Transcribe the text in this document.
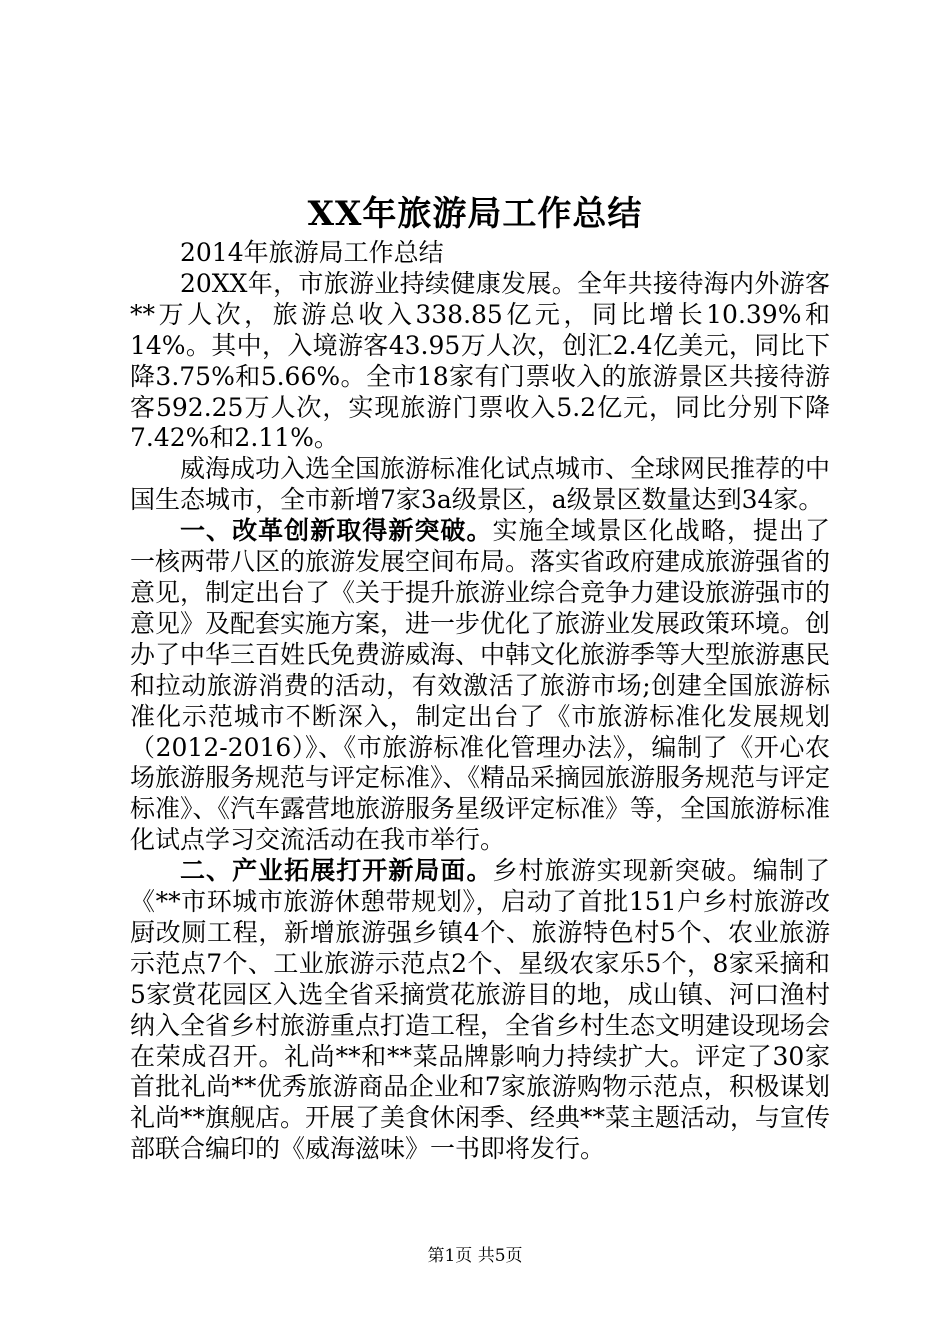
XX年旅游局工作总结

2014年旅游局工作总结

20XX年，市旅游业持续健康发展。全年共接待海内外游客**万人次，旅游总收入338.85亿元，同比增长10.39%和14%。其中，入境游客43.95万人次，创汇2.4亿美元，同比下降3.75%和5.66%。全市18家有门票收入的旅游景区共接待游客592.25万人次，实现旅游门票收入5.2亿元，同比分别下降7.42%和2.11%。

威海成功入选全国旅游标准化试点城市、全球网民推荐的中国生态城市，全市新增7家3a级景区，a级景区数量达到34家。

一、改革创新取得新突破。实施全域景区化战略，提出了一核两带八区的旅游发展空间布局。落实省政府建成旅游强省的意见，制定出台了《关于提升旅游业综合竞争力建设旅游强市的意见》及配套实施方案，进一步优化了旅游业发展政策环境。创办了中华三百姓氏免费游威海、中韩文化旅游季等大型旅游惠民和拉动旅游消费的活动，有效激活了旅游市场;创建全国旅游标准化示范城市不断深入，制定出台了《市旅游标准化发展规划（2012-2016）》、《市旅游标准化管理办法》，编制了《开心农场旅游服务规范与评定标准》、《精品采摘园旅游服务规范与评定标准》、《汽车露营地旅游服务星级评定标准》等，全国旅游标准化试点学习交流活动在我市举行。

二、产业拓展打开新局面。乡村旅游实现新突破。编制了《**市环城市旅游休憩带规划》，启动了首批151户乡村旅游改厨改厕工程，新增旅游强乡镇4个、旅游特色村5个、农业旅游示范点7个、工业旅游示范点2个、星级农家乐5个，8家采摘和5家赏花园区入选全省采摘赏花旅游目的地，成山镇、河口渔村纳入全省乡村旅游重点打造工程，全省乡村生态文明建设现场会在荣成召开。礼尚**和**菜品牌影响力持续扩大。评定了30家首批礼尚**优秀旅游商品企业和7家旅游购物示范点，积极谋划礼尚**旗舰店。开展了美食休闲季、经典**菜主题活动，与宣传部联合编印的《威海滋味》一书即将发行。

第1页 共5页
